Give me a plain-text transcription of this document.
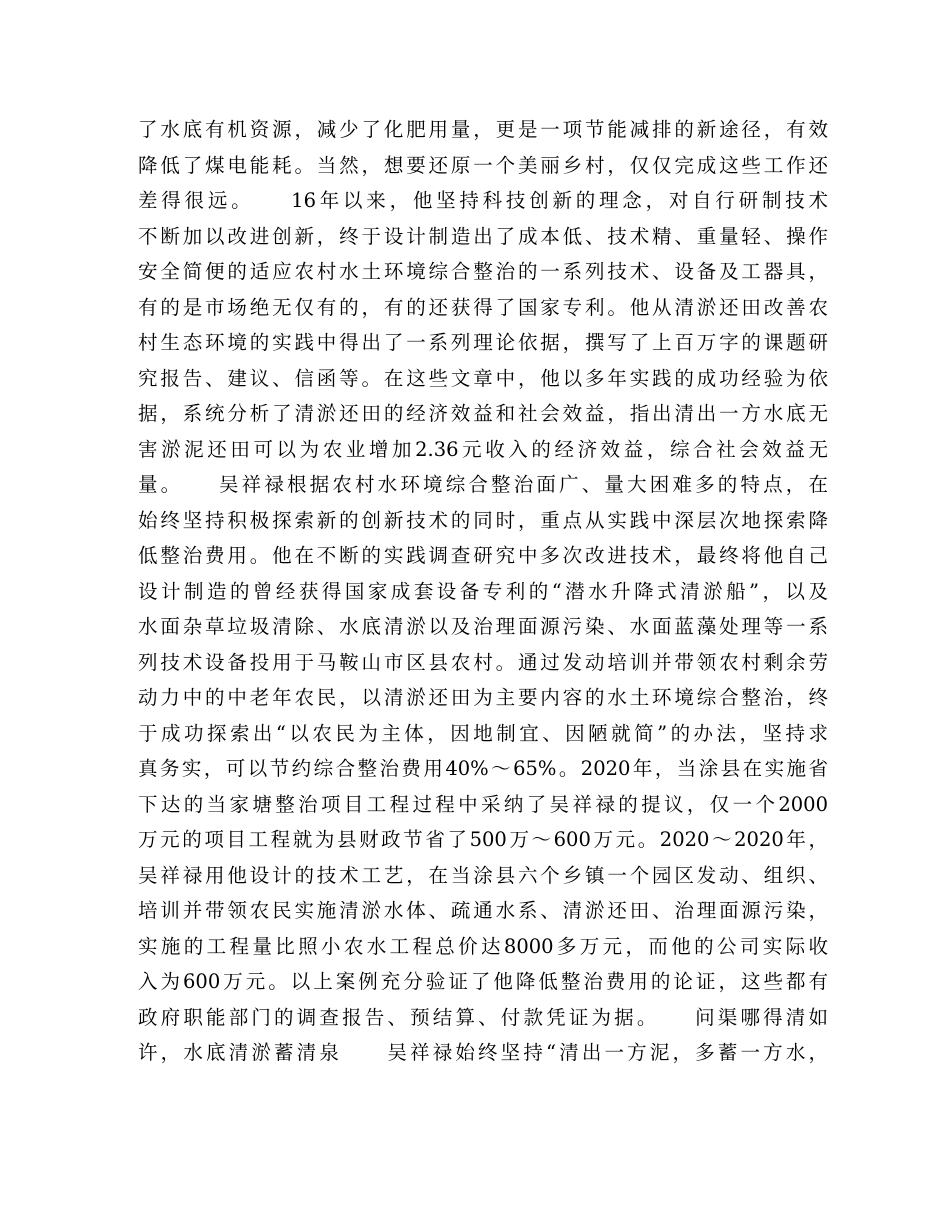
了水底有机资源，减少了化肥用量，更是一项节能减排的新途径，有效
降低了煤电能耗。当然，想要还原一个美丽乡村，仅仅完成这些工作还
差得很远。　　16年以来，他坚持科技创新的理念，对自行研制技术
不断加以改进创新，终于设计制造出了成本低、技术精、重量轻、操作
安全简便的适应农村水土环境综合整治的一系列技术、设备及工器具，
有的是市场绝无仅有的，有的还获得了国家专利。他从清淤还田改善农
村生态环境的实践中得出了一系列理论依据，撰写了上百万字的课题研
究报告、建议、信函等。在这些文章中，他以多年实践的成功经验为依
据，系统分析了清淤还田的经济效益和社会效益，指出清出一方水底无
害淤泥还田可以为农业增加2.36元收入的经济效益，综合社会效益无
量。　　吴祥禄根据农村水环境综合整治面广、量大困难多的特点，在
始终坚持积极探索新的创新技术的同时，重点从实践中深层次地探索降
低整治费用。他在不断的实践调查研究中多次改进技术，最终将他自己
设计制造的曾经获得国家成套设备专利的“潜水升降式清淤船”，以及
水面杂草垃圾清除、水底清淤以及治理面源污染、水面蓝藻处理等一系
列技术设备投用于马鞍山市区县农村。通过发动培训并带领农村剩余劳
动力中的中老年农民，以清淤还田为主要内容的水土环境综合整治，终
于成功探索出“以农民为主体，因地制宜、因陋就简”的办法，坚持求
真务实，可以节约综合整治费用40%～65%。2020年，当涂县在实施省
下达的当家塘整治项目工程过程中采纳了吴祥禄的提议，仅一个2000
万元的项目工程就为县财政节省了500万～600万元。2020～2020年，
吴祥禄用他设计的技术工艺，在当涂县六个乡镇一个园区发动、组织、
培训并带领农民实施清淤水体、疏通水系、清淤还田、治理面源污染，
实施的工程量比照小农水工程总价达8000多万元，而他的公司实际收
入为600万元。以上案例充分验证了他降低整治费用的论证，这些都有
政府职能部门的调查报告、预结算、付款凭证为据。　　问渠哪得清如
许，水底清淤蓄清泉　　吴祥禄始终坚持“清出一方泥，多蓄一方水，
